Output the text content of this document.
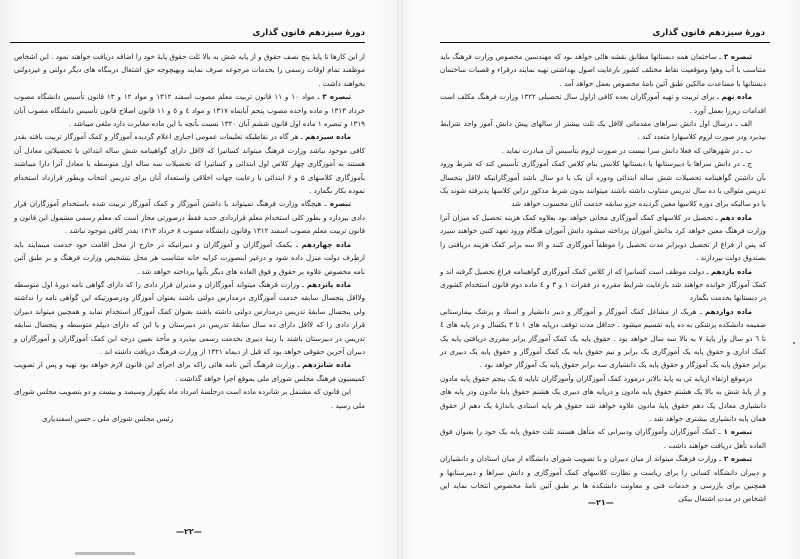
دورهٔ سیزدهم قانون گذاری

از این کارها تا پایهٔ پنج نصف حقوق و از پایه شش به بالا ثلث حقوق پایهٔ خود را اضافه دریافت خواهند نمود . این اشخاص موظفند تمام اوقات رسمی را بخدمات مرجوعه صرف نمایند وبهیچوجه حق اشتغال دربنگاه های دیگر دولتی و غیردولتی نخواهند داشت .

تبصره ۳ ـ مواد ۱۰ و ۱۱ قانون تربیت معلم مصوب اسفند ۱۳۱۲ و مواد ۱۲ و ۱۳ قانون تأسیس دانشگاه مصوب خرداد ۱۳۱۳ و ماده واحده مصوب پنجم آبانماه ۱۳۱۷ و مواد ٤ و ٥ و ۱۱ قانون اصلاح قانون تأسیس دانشگاه مصوب آبان ۱۳۱۹ و تبصره ۱ ماده اول قانون ششم آبان ۱۳۲۰ نسبت بآنچه با این ماده مغایرت دارد ملغی میباشد .

ماده سیزدهم ـ هر گاه در نقاطیکه تعلیمات عمومی اجباری اعلام گردیده آموزگار و کمک آموزگار تربیت یافته بقدر کافی موجود نباشد وزارت فرهنگ میتواند کسانیرا که لااقل دارای گواهینامه شش ساله ابتدائی یا تحصیلاتی معادل آن هستند به آموزگاری چهار کلاس اول ابتدائی و کسانیرا که تحصیلات سه ساله اول متوسطه یا معادل آنرا دارا میباشند بآموزگاری کلاسهای ۵ و ۶ ابتدائی با رعایت جهات اخلاقی واستعداد آنان برای تدریس انتخاب وبطور قرارداد استخدام نموده بکار بگمارد .

تبصره ـ هیچگاه وزارت فرهنگ نمیتواند با داشتن آموزگار و کمک آموزگار تربیت شده باستخدام آموزگاران قرار دادی بپردازد و بطور کلی استخدام معلم قراردادی جدید فقط درصورتی مجاز است که معلم رسمی مشمول این قانون و قانون تربیت معلم مصوب اسفند ۱۳۱۲ وقانون دانشگاه مصوب ۸ خرداد ۱۳۱۳ بقدر کافی موجود نباشد .

ماده چهاردهم ـ بکمک آموزگاران و آموزگاران و دبیرانیکه در خارج از محل اقامت خود خدمت مینمایند باید ازطرف دولت منزل داده شود و درغیر اینصورت کرایه خانه متناسب هر محل بتشخیص وزارت فرهنگ و بر طبق آئین نامه مخصوص علاوه بر حقوق و فوق العاده های دیگر بآنها پرداخته خواهد شد .

ماده پانزدهم ـ وزارت فرهنگ میتواند آموزگاران و مدیران قرار دادی را که دارای گواهی نامه دورهٔ اول متوسطه ولااقل پنجسال سابقه خدمت آموزگاری درمدارس دولتی باشند بعنوان آموزگار ودرصورتیکه این گواهی نامه را نداشته ولی پنجسال سابقهٔ تدریس درمدارس دولتی داشته باشند بعنوان کمک آموزگار استخدام نماید و همچنین میتواند دبیران قرار دادی را که لااقل دارای ده سال سابقهٔ تدریس در دبیرستان و یا این که دارای دیپلم متوسطه و پنجسال سابقه تدریس در دبیرستان باشند با رتبهٔ دبیری بخدمت رسمی بپذیرد و مأخذ تعیین درجه این کمک آموزگاران و آموزگاران و دبیران آخرین حقوقی خواهد بود که قبل از دیماه ۱۳۲۱ از وزارت فرهنگ دریافت داشته اند .

ماده شانزدهم ـ وزارت فرهنگ آئین نامه هائی راکه برای اجرای این قانون لازم خواهد بود تهیه و پس از تصویب کمیسیون فرهنگ مجلس شورای ملی بموقع اجرا خواهد گذاشت .

این قانون که مشتمل بر شانزده ماده است درجلسهٔ امرداد ماه یکهزار وسیصد و بیست و دو بتصویب مجلس شورای ملی رسید .

رئیس مجلس شورای ملی ـ حسن اسفندیاری
—۲۲—
دورهٔ سیزدهم قانون گذاری

تبصره ۳ ـ ساختمان همه دبستانها مطابق نقشه هائی خواهد بود که مهندسین مخصوص وزارت فرهنگ باید متناسب با آب وهوا وموقعیت نقاط مختلف کشور بارعایت اصول بهداشتی تهیه نمایند درقراء و قصبات ساختمان دبستانها با مساعدت مالکین طبق آئین نامهٔ مخصوص بعمل خواهد آمد .

ماده نهم ـ برای تربیت و تهیه آموزگاران بعده کافی ازاول سال تحصیلی ۱۳۲۲ وزارت فرهنگ مکلف است اقدامات زیررا بعمل آورد .

الف ـ درسال اول دانش سراهای مقدماتی لااقل یک ثلث بیشتر از سالهای پیش دانش آموز واجد شرایط بپذیرد ودر صورت لزوم کلاسهارا متعدد کند .

ب ـ در شهرهائی که فعلا دانش سرا نیست در صورت لزوم بتأسیس آن مبادرت نماید .

ج ـ در دانش سراها یا دبیرستانها یا دبستانها کلاسی بنام کلاس کمک آموزگاری تأسیس کند که شرط ورود بآن داشتن گواهینامه تحصیلات شش ساله ابتدائی ودوره آن یک یا دو سال باشد آموزگارانیکه لااقل پنجسال تدریس متوالی یا ده سال تدریس متناوب داشته باشند میتوانند بدون شرط مذکور دراین کلاسها پذیرفته شوند یک یا دو سالیکه برای دوره کلاسها معین گردیده جزو سابقه خدمت آنان محسوب خواهد شد

ماده دهم ـ تحصیل در کلاسهای کمک آموزگاری مجانی خواهد بود بعلاوه کمک هزینه تحصیل که میزان آنرا وزارت فرهنگ معین خواهد کرد بدانش آموزان پرداخته میشود دانش آموزان هنگام ورود تعهد کتبی خواهند سپرد که پس از فراغ از تحصیل دوبرابر مدت تحصیل را موظفاً آموزگاری کنند و الا سه برابر کمک هزینه دریافتی را بصندوق دولت بپردازند .

ماده یازدهم ـ دولت موظف است کسانیرا که از کلاس کمک آموزگاری گواهینامه فراغ تحصیل گرفته اند و کمک آموزگار خوانده خواهند شد بارعایت شرایط مقرره در فقرات ۱ و ۳ و ٤ ماده دوم قانون استخدام کشوری در دبستانها بخدمت بگمارد

ماده دوازدهم ـ هریک از مشاغل کمک آموزگار و آموزگار و دبیر دانشیار و استاد و پزشک بیمارستانی ضمیمه دانشکده پزشکی به ده پایه تقسیم میشود . حداقل مدت توقف درپایه های ۱ تا ۳ یکسال و در پایه های ٤ تا ٦ دو سال واز پایهٔ ۷ به بالا سه سال خواهد بود . حقوق پایه یک کمک آموزگار برابر مقرری دریافتی پایه یک کمک اداری و حقوق پایه یک آموزگاری یک برابر و نیم حقوق پایه یک کمک آموزگار و حقوق پایه یک دبیری در برابر حقوق پایه یک آموزگار و حقوق پایه یک دانشیاری سه برابر حقوق پایه یک آموزگار خواهد بود .

درموقع ارتقاء ازپایه ئی به پایهٔ بالاتر درمورد کمک آموزگاران وآموزگاران تاپایه ۵ یک پنجم حقوق پایه مادون و از پایهٔ شش به بالا یک هشتم حقوق پایه مادون و درپایه های دبیری یک هشتم حقوق پایهٔ مادون ودر پایه های دانشیاری معادل یک دهم حقوق پایهٔ مادون علاوه خواهد شد حقوق هر پایه استادی باندازهٔ یک دهم از حقوق همان پایه دانشیاری بیشتری خواهد شد .

تبصره ۱ ـ کمک آموزگاران وآموزگاران ودبیرانی که متأهل هستند ثلث حقوق پایه یک خود را بعنوان فوق العاده تأهل دریافت خواهند داشت .

تبصره ۲ ـ وزارت فرهنگ میتواند از میان دبیران و با تصویب شورای دانشگاه از میان استادان و دانشیاران و دبیران دانشگاه کسانی را برای ریاست و نظارت کلاسهای کمک آموزگاری و دانش سراها و دبیرستانها و همچنین برای بازرسی و خدمات فنی و معاونت دانشکده ها بر طبق آئین نامهٔ مخصوص انتخاب نماید این اشخاص در مدت اشتغال بیکی

—۲۱—
